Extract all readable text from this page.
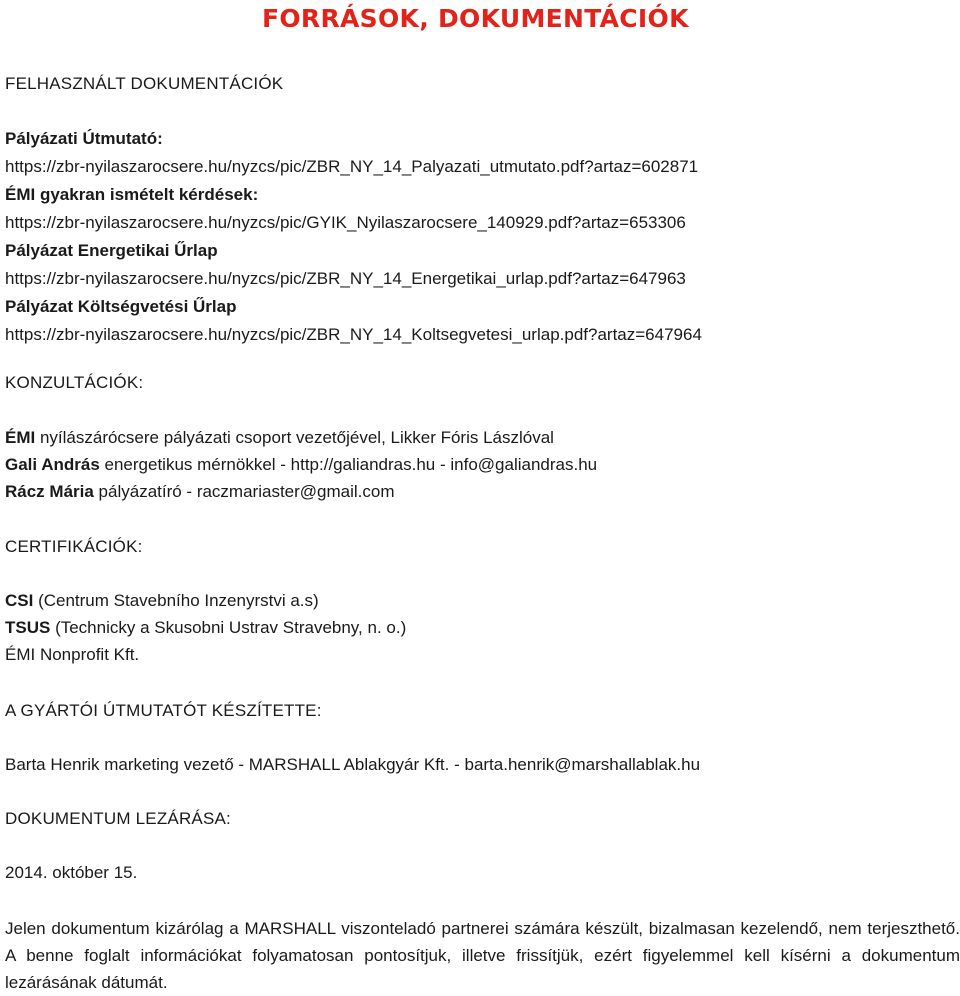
FORRÁSOK, DOKUMENTÁCIÓK
FELHASZNÁLT DOKUMENTÁCIÓK
Pályázati Útmutató:
https://zbr-nyilaszarocsere.hu/nyzcs/pic/ZBR_NY_14_Palyazati_utmutato.pdf?artaz=602871
ÉMI gyakran ismételt kérdések:
https://zbr-nyilaszarocsere.hu/nyzcs/pic/GYIK_Nyilaszarocsere_140929.pdf?artaz=653306
Pályázat Energetikai Űrlap
https://zbr-nyilaszarocsere.hu/nyzcs/pic/ZBR_NY_14_Energetikai_urlap.pdf?artaz=647963
Pályázat Költségvetési Űrlap
https://zbr-nyilaszarocsere.hu/nyzcs/pic/ZBR_NY_14_Koltsegvetesi_urlap.pdf?artaz=647964
KONZULTÁCIÓK:
ÉMI nyílászárócsere pályázati csoport vezetőjével, Likker Fóris Lászlóval
Gali András energetikus mérnökkel - http://galiandras.hu - info@galiandras.hu
Rácz Mária pályázatíró - raczmariaster@gmail.com
CERTIFIKÁCIÓK:
CSI (Centrum Stavebního Inzenyrstvi a.s)
TSUS (Technicky a Skusobni Ustrav Stravebny, n. o.)
ÉMI Nonprofit Kft.
A GYÁRTÓI ÚTMUTATÓT KÉSZÍTETTE:
Barta Henrik marketing vezető - MARSHALL Ablakgyár Kft. - barta.henrik@marshallablak.hu
DOKUMENTUM LEZÁRÁSA:
2014. október 15.
Jelen dokumentum kizárólag a MARSHALL viszonteladó partnerei számára készült, bizalmasan kezelendő, nem terjeszthető. A benne foglalt információkat folyamatosan pontosítjuk, illetve frissítjük, ezért figyelemmel kell kísérni a dokumentum lezárásának dátumát.
